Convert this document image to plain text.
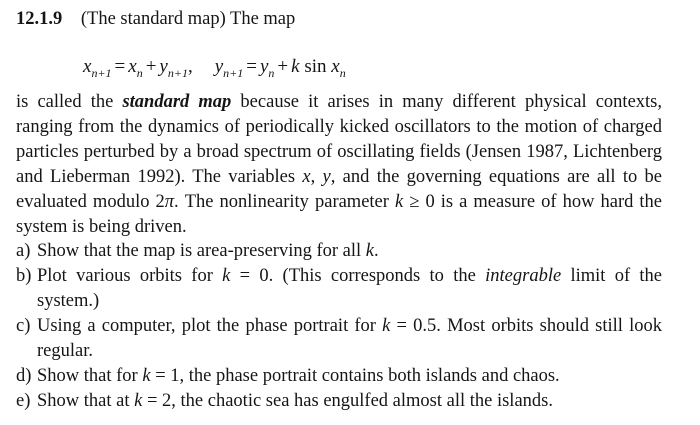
12.1.9 (The standard map) The map
$x_{n+1} = x_n + y_{n+1}$, $y_{n+1} = y_n + k$ $\sin x_n$

is called the standard map because it arises in many different physical contexts, ranging from the dynamics of periodically kicked oscillators to the motion of charged particles perturbed by a broad spectrum of oscillating fields (Jensen 1987, Lichtenberg and Lieberman 1992). The variables x, y, and the governing equations are all to be evaluated modulo 2π. The nonlinearity parameter k ≥ 0 is a measure of how hard the system is being driven.

a) Show that the map is area-preserving for all k.
b) Plot various orbits for k = 0. (This corresponds to the integrable limit of the system.)
c) Using a computer, plot the phase portrait for k = 0.5. Most orbits should still look regular.
d) Show that for k = 1, the phase portrait contains both islands and chaos.
e) Show that at k = 2, the chaotic sea has engulfed almost all the islands.
